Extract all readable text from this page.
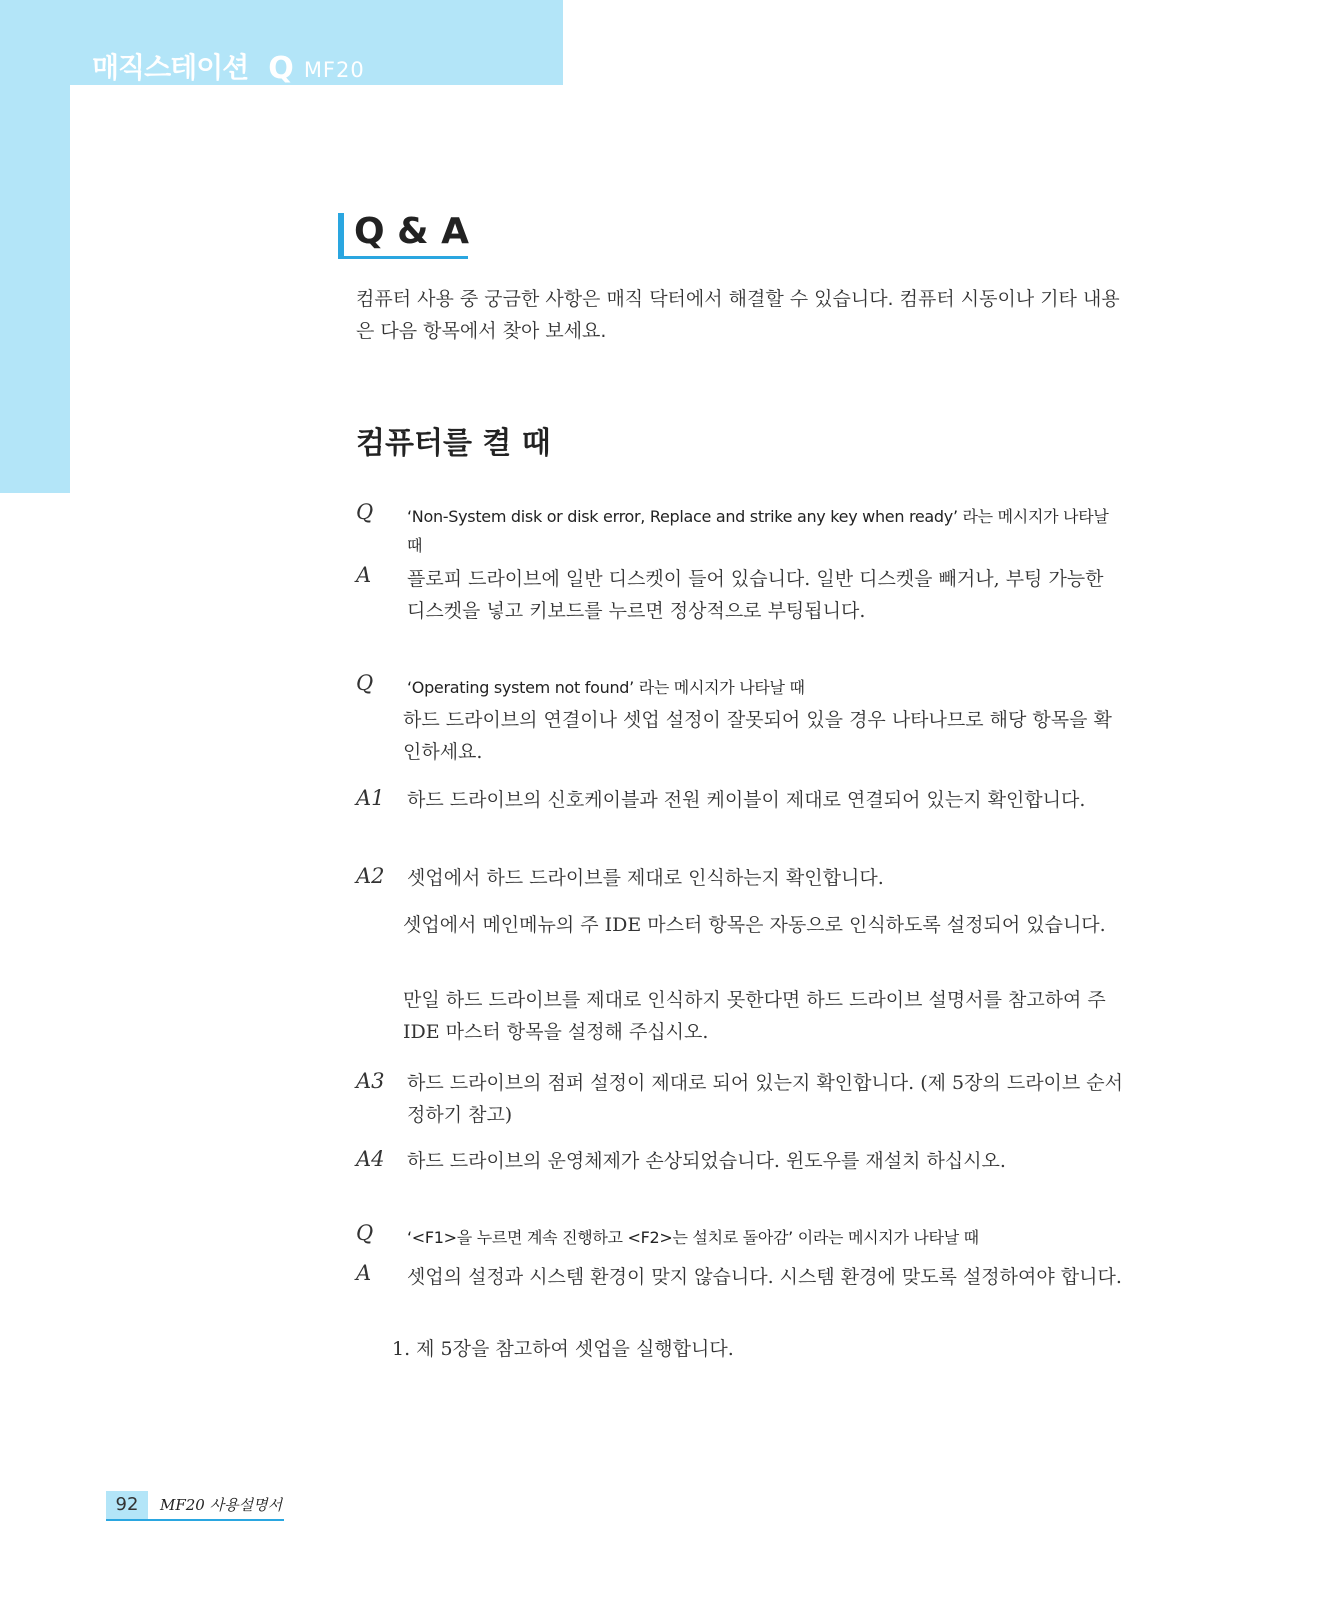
매직스테이션 Q MF20
Q & A

컴퓨터 사용 중 궁금한 사항은 매직 닥터에서 해결할 수 있습니다. 컴퓨터 시동이나 기타 내용은 다음 항목에서 찾아 보세요.

컴퓨터를 켤 때
Q ‘Non-System disk or disk error, Replace and strike any key when ready’ 라는 메시지가 나타날 때

A 플로피 드라이브에 일반 디스켓이 들어 있습니다. 일반 디스켓을 빼거나, 부팅 가능한 디스켓을 넣고 키보드를 누르면 정상적으로 부팅됩니다.

Q ‘Operating system not found’ 라는 메시지가 나타날 때

하드 드라이브의 연결이나 셋업 설정이 잘못되어 있을 경우 나타나므로 해당 항목을 확인하세요.

A1 하드 드라이브의 신호케이블과 전원 케이블이 제대로 연결되어 있는지 확인합니다.

A2 셋업에서 하드 드라이브를 제대로 인식하는지 확인합니다.

셋업에서 메인메뉴의 주 IDE 마스터 항목은 자동으로 인식하도록 설정되어 있습니다.

만일 하드 드라이브를 제대로 인식하지 못한다면 하드 드라이브 설명서를 참고하여 주 IDE 마스터 항목을 설정해 주십시오.

A3 하드 드라이브의 점퍼 설정이 제대로 되어 있는지 확인합니다. (제 5장의 드라이브 순서 정하기 참고)

A4 하드 드라이브의 운영체제가 손상되었습니다. 윈도우를 재설치 하십시오.

Q ‘<F1>을 누르면 계속 진행하고 <F2>는 설치로 돌아감’ 이라는 메시지가 나타날 때

A 셋업의 설정과 시스템 환경이 맞지 않습니다. 시스템 환경에 맞도록 설정하여야 합니다.

1. 제 5장을 참고하여 셋업을 실행합니다.

92	MF20 사용설명서
